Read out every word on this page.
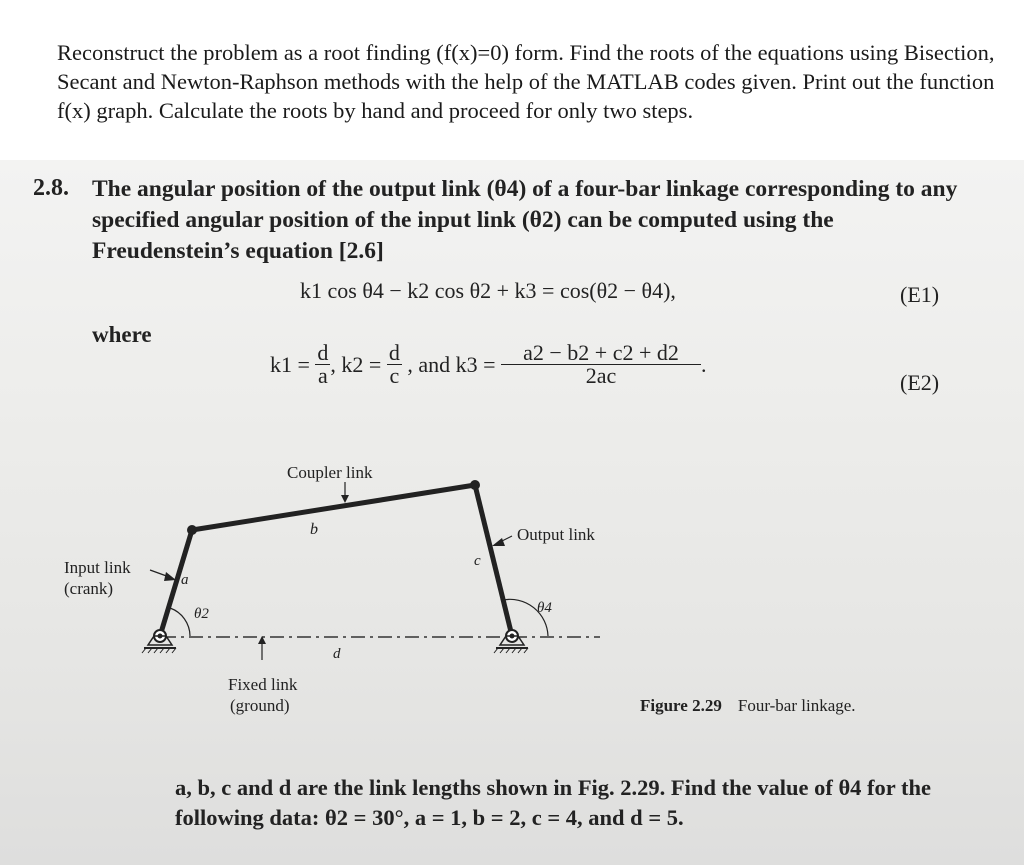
Reconstruct the problem as a root finding (f(x)=0) form. Find the roots of the equations using Bisection, Secant and Newton-Raphson methods with the help of the MATLAB codes given. Print out the function f(x) graph. Calculate the roots by hand and proceed for only two steps.

2.8. The angular position of the output link (θ4) of a four-bar linkage corresponding to any specified angular position of the input link (θ2) can be computed using the Freudenstein’s equation [2.6]

k1 cos θ4 − k2 cos θ2 + k3 = cos(θ2 − θ4),	(E1)
where
k1 =	$\frac{d}{a}$	, k2 =	$\frac{d}{c}$	, and k3 =	$\frac{a2 - b2 + c2 + d2}{2ac}$	.
(E2)
Coupler link
b
a
c
d
θ2	θ4
Input link
(crank)
Output link
Fixed link
(ground)	Figure 2.29 Four-bar linkage.

a, b, c and d are the link lengths shown in Fig. 2.29. Find the value of θ4 for the
following data: θ2 = 30°, a = 1, b = 2, c = 4, and d = 5.
